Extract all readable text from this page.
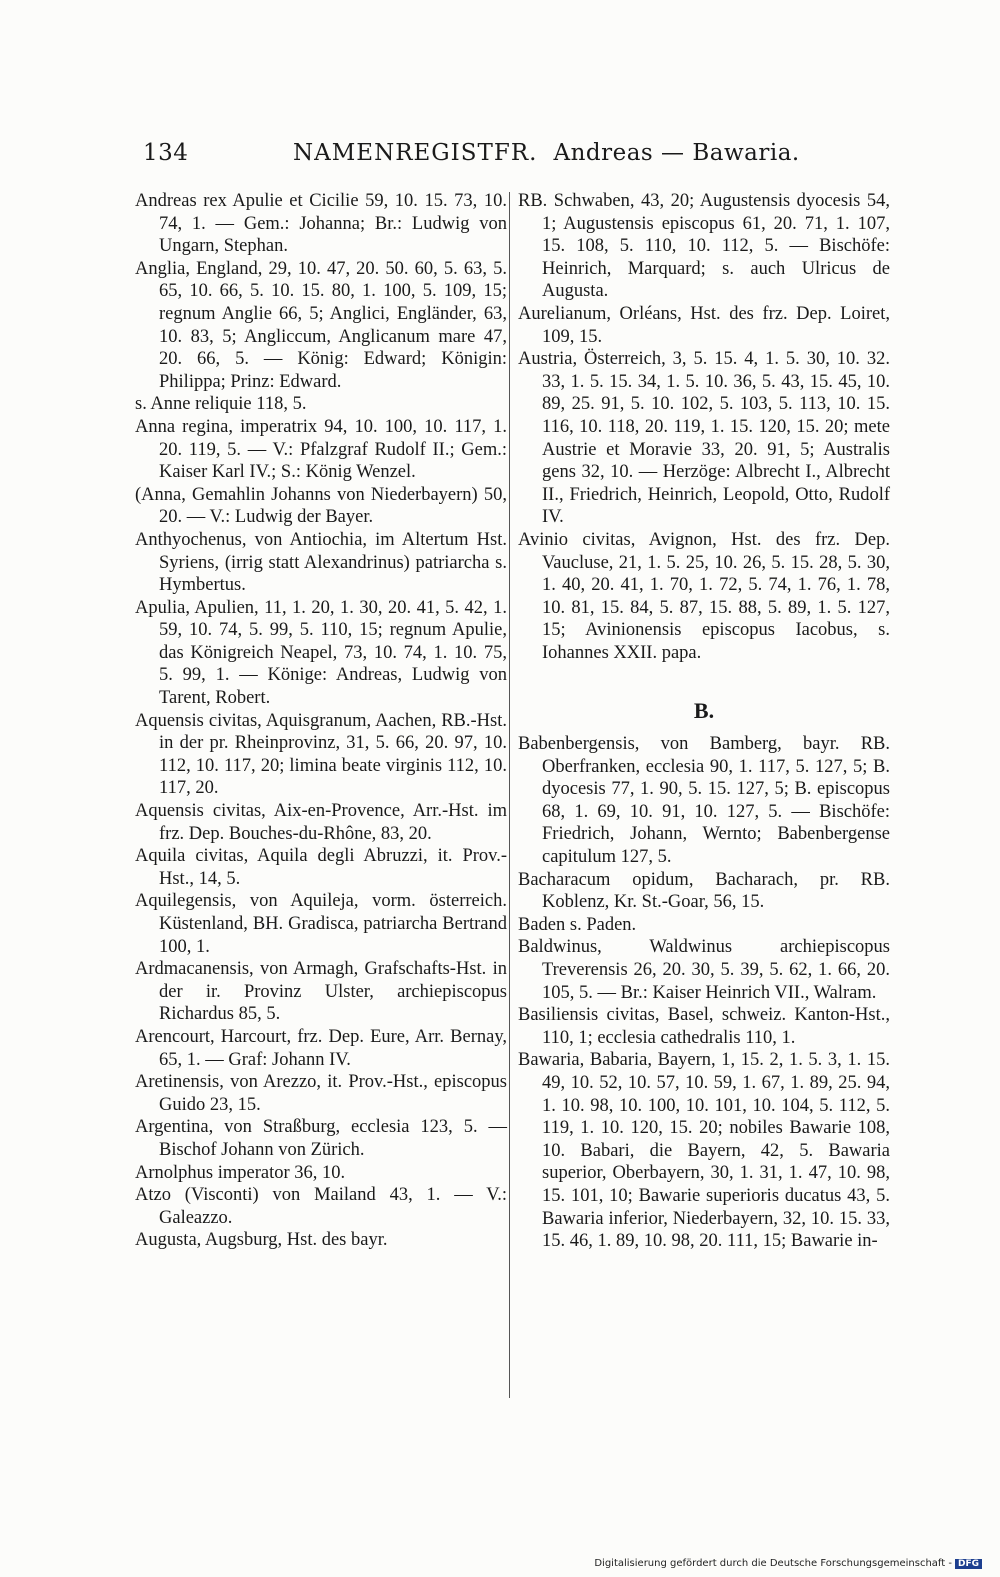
134	NAMENREGISTFR. Andreas — Bawaria.

Andreas rex Apulie et Cicilie 59, 10. 15. 73, 10. 74, 1. — Gem.: Johanna; Br.: Ludwig von Ungarn, Stephan.

Anglia, England, 29, 10. 47, 20. 50. 60, 5. 63, 5. 65, 10. 66, 5. 10. 15. 80, 1. 100, 5. 109, 15; regnum Anglie 66, 5; Anglici, Engländer, 63, 10. 83, 5; Angliccum, Anglicanum mare 47, 20. 66, 5. — König: Edward; Königin: Philippa; Prinz: Edward.

s. Anne reliquie 118, 5.

Anna regina, imperatrix 94, 10. 100, 10. 117, 1. 20. 119, 5. — V.: Pfalzgraf Rudolf II.; Gem.: Kaiser Karl IV.; S.: König Wenzel.

(Anna, Gemahlin Johanns von Niederbayern) 50, 20. — V.: Ludwig der Bayer.

Anthyochenus, von Antiochia, im Altertum Hst. Syriens, (irrig statt Alexandrinus) patriarcha s. Hymbertus.

Apulia, Apulien, 11, 1. 20, 1. 30, 20. 41, 5. 42, 1. 59, 10. 74, 5. 99, 5. 110, 15; regnum Apulie, das Königreich Neapel, 73, 10. 74, 1. 10. 75, 5. 99, 1. — Könige: Andreas, Ludwig von Tarent, Robert.

Aquensis civitas, Aquisgranum, Aachen, RB.-Hst. in der pr. Rheinprovinz, 31, 5. 66, 20. 97, 10. 112, 10. 117, 20; limina beate virginis 112, 10. 117, 20.

Aquensis civitas, Aix-en-Provence, Arr.-Hst. im frz. Dep. Bouches-du-Rhône, 83, 20.

Aquila civitas, Aquila degli Abruzzi, it. Prov.-Hst., 14, 5.

Aquilegensis, von Aquileja, vorm. österreich. Küstenland, BH. Gradisca, patriarcha Bertrand 100, 1.

Ardmacanensis, von Armagh, Grafschafts-Hst. in der ir. Provinz Ulster, archiepiscopus Richardus 85, 5.

Arencourt, Harcourt, frz. Dep. Eure, Arr. Bernay, 65, 1. — Graf: Johann IV.

Aretinensis, von Arezzo, it. Prov.-Hst., episcopus Guido 23, 15.

Argentina, von Straßburg, ecclesia 123, 5. — Bischof Johann von Zürich.

Arnolphus imperator 36, 10.

Atzo (Visconti) von Mailand 43, 1. — V.: Galeazzo.

Augusta, Augsburg, Hst. des bayr.

RB. Schwaben, 43, 20; Augustensis dyocesis 54, 1; Augustensis episcopus 61, 20. 71, 1. 107, 15. 108, 5. 110, 10. 112, 5. — Bischöfe: Heinrich, Marquard; s. auch Ulricus de Augusta.

Aurelianum, Orléans, Hst. des frz. Dep. Loiret, 109, 15.

Austria, Österreich, 3, 5. 15. 4, 1. 5. 30, 10. 32. 33, 1. 5. 15. 34, 1. 5. 10. 36, 5. 43, 15. 45, 10. 89, 25. 91, 5. 10. 102, 5. 103, 5. 113, 10. 15. 116, 10. 118, 20. 119, 1. 15. 120, 15. 20; mete Austrie et Moravie 33, 20. 91, 5; Australis gens 32, 10. — Herzöge: Albrecht I., Albrecht II., Friedrich, Heinrich, Leopold, Otto, Rudolf IV.

Avinio civitas, Avignon, Hst. des frz. Dep. Vaucluse, 21, 1. 5. 25, 10. 26, 5. 15. 28, 5. 30, 1. 40, 20. 41, 1. 70, 1. 72, 5. 74, 1. 76, 1. 78, 10. 81, 15. 84, 5. 87, 15. 88, 5. 89, 1. 5. 127, 15; Avinionensis episcopus Iacobus, s. Iohannes XXII. papa.

B.

Babenbergensis, von Bamberg, bayr. RB. Oberfranken, ecclesia 90, 1. 117, 5. 127, 5; B. dyocesis 77, 1. 90, 5. 15. 127, 5; B. episcopus 68, 1. 69, 10. 91, 10. 127, 5. — Bischöfe: Friedrich, Johann, Wernto; Babenbergense capitulum 127, 5.

Bacharacum opidum, Bacharach, pr. RB. Koblenz, Kr. St.-Goar, 56, 15.

Baden s. Paden.

Baldwinus, Waldwinus archiepiscopus Treverensis 26, 20. 30, 5. 39, 5. 62, 1. 66, 20. 105, 5. — Br.: Kaiser Heinrich VII., Walram.

Basiliensis civitas, Basel, schweiz. Kanton-Hst., 110, 1; ecclesia cathedralis 110, 1.

Bawaria, Babaria, Bayern, 1, 15. 2, 1. 5. 3, 1. 15. 49, 10. 52, 10. 57, 10. 59, 1. 67, 1. 89, 25. 94, 1. 10. 98, 10. 100, 10. 101, 10. 104, 5. 112, 5. 119, 1. 10. 120, 15. 20; nobiles Bawarie 108, 10. Babari, die Bayern, 42, 5. Bawaria superior, Oberbayern, 30, 1. 31, 1. 47, 10. 98, 15. 101, 10; Bawarie superioris ducatus 43, 5. Bawaria inferior, Niederbayern, 32, 10. 15. 33, 15. 46, 1. 89, 10. 98, 20. 111, 15; Bawarie in-

Digitalisierung gefördert durch die Deutsche Forschungsgemeinschaft - DFG
